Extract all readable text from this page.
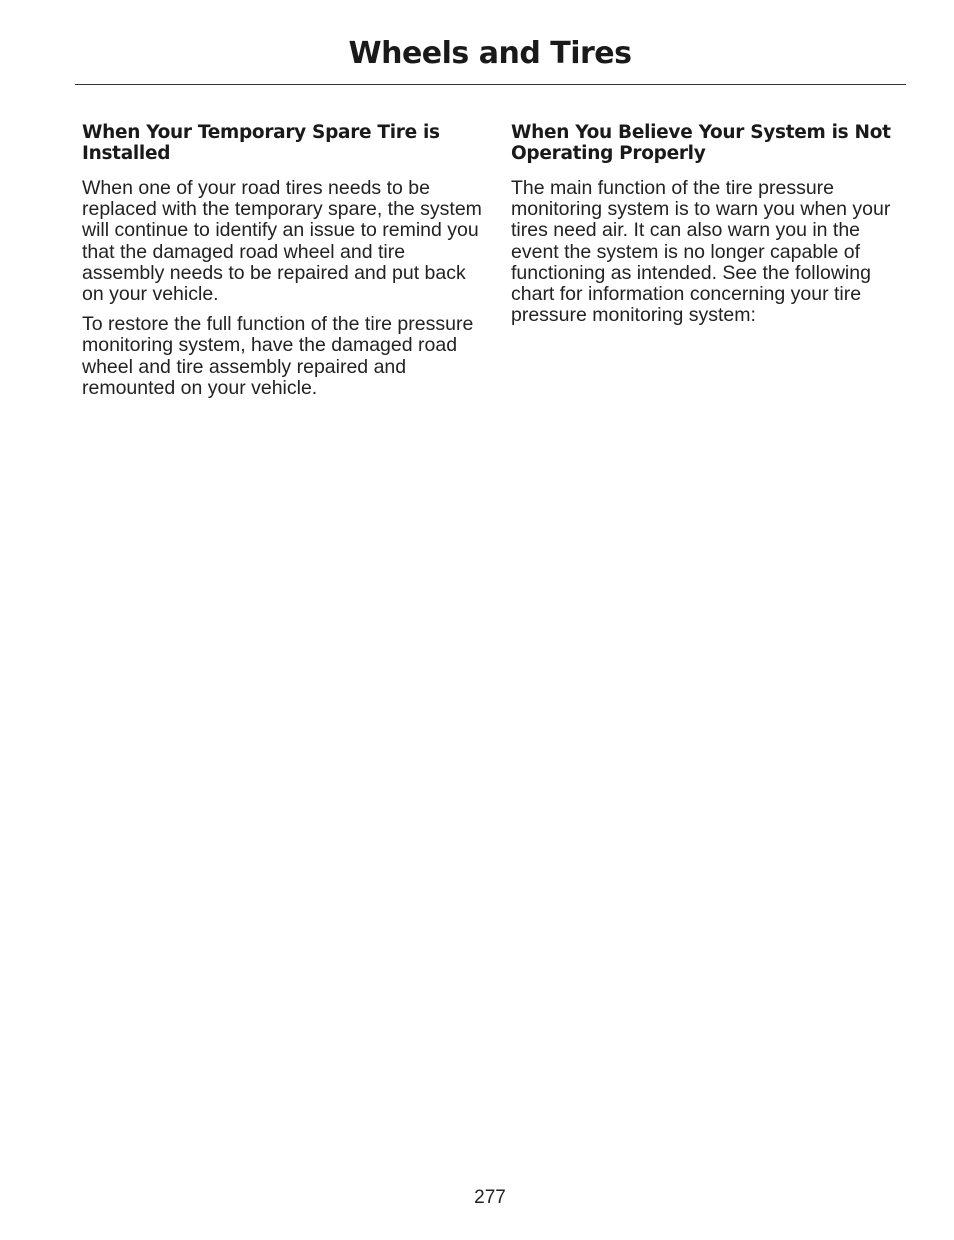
Wheels and Tires
When Your Temporary Spare Tire is Installed

When one of your road tires needs to be replaced with the temporary spare, the system will continue to identify an issue to remind you that the damaged road wheel and tire assembly needs to be repaired and put back on your vehicle.

To restore the full function of the tire pressure monitoring system, have the damaged road wheel and tire assembly repaired and remounted on your vehicle.

When You Believe Your System is Not Operating Properly

The main function of the tire pressure monitoring system is to warn you when your tires need air. It can also warn you in the event the system is no longer capable of functioning as intended. See the following chart for information concerning your tire pressure monitoring system:

277
